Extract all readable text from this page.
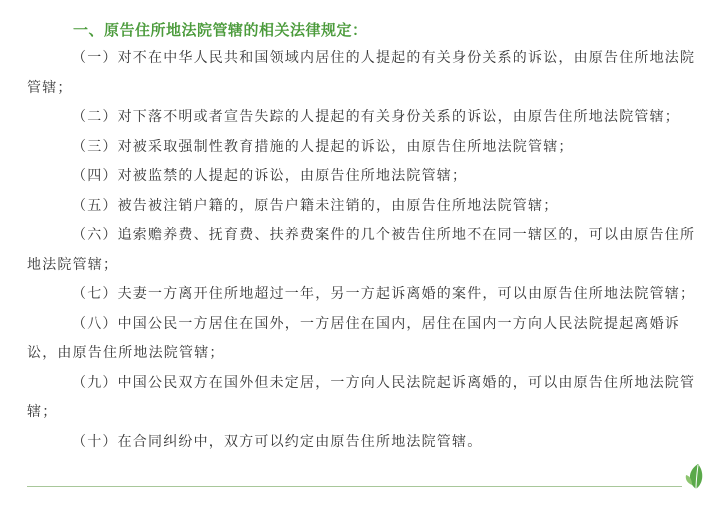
一、原告住所地法院管辖的相关法律规定：
（一）对不在中华人民共和国领域内居住的人提起的有关身份关系的诉讼，由原告住所地法院管辖；
（二）对下落不明或者宣告失踪的人提起的有关身份关系的诉讼，由原告住所地法院管辖；
（三）对被采取强制性教育措施的人提起的诉讼，由原告住所地法院管辖；
（四）对被监禁的人提起的诉讼，由原告住所地法院管辖；
（五）被告被注销户籍的，原告户籍未注销的，由原告住所地法院管辖；
（六）追索赡养费、抚育费、扶养费案件的几个被告住所地不在同一辖区的，可以由原告住所地法院管辖；
（七）夫妻一方离开住所地超过一年，另一方起诉离婚的案件，可以由原告住所地法院管辖；
（八）中国公民一方居住在国外，一方居住在国内，居住在国内一方向人民法院提起离婚诉讼，由原告住所地法院管辖；
（九）中国公民双方在国外但未定居，一方向人民法院起诉离婚的，可以由原告住所地法院管辖；
（十）在合同纠纷中，双方可以约定由原告住所地法院管辖。
